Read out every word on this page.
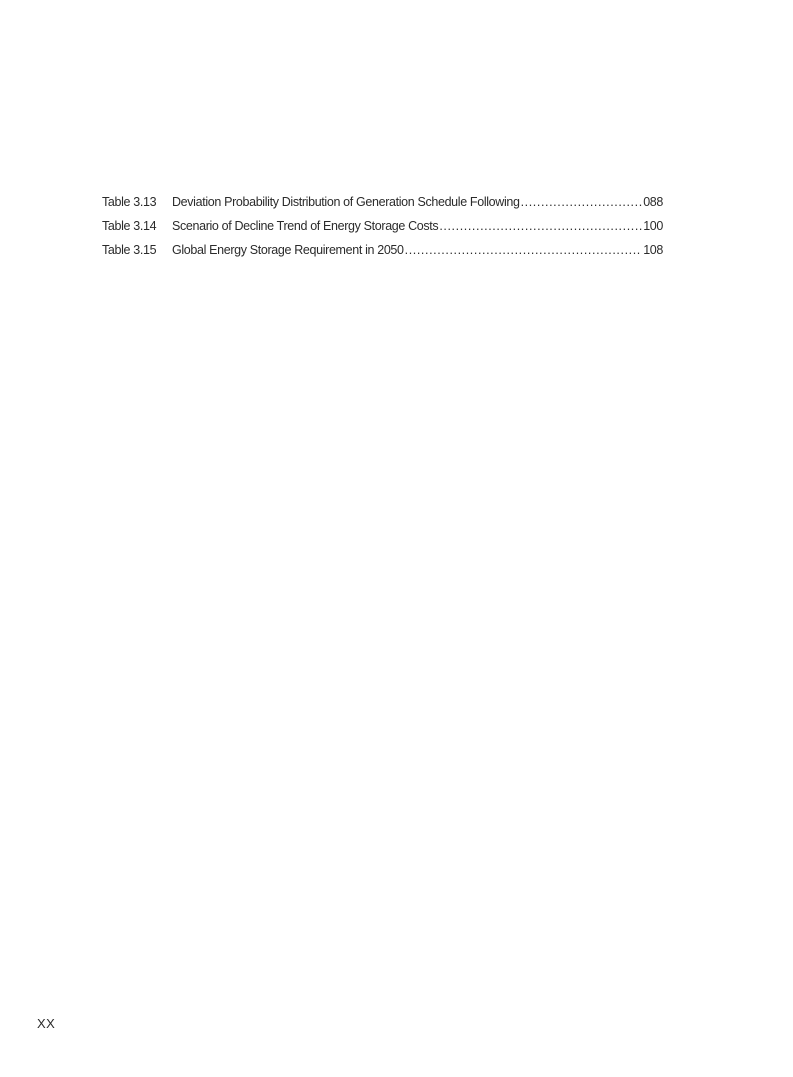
Table 3.13	Deviation Probability Distribution of Generation Schedule Following .....	088
Table 3.14	Scenario of Decline Trend of Energy Storage Costs .....	100
Table 3.15	Global Energy Storage Requirement in 2050 .....	108
XX
